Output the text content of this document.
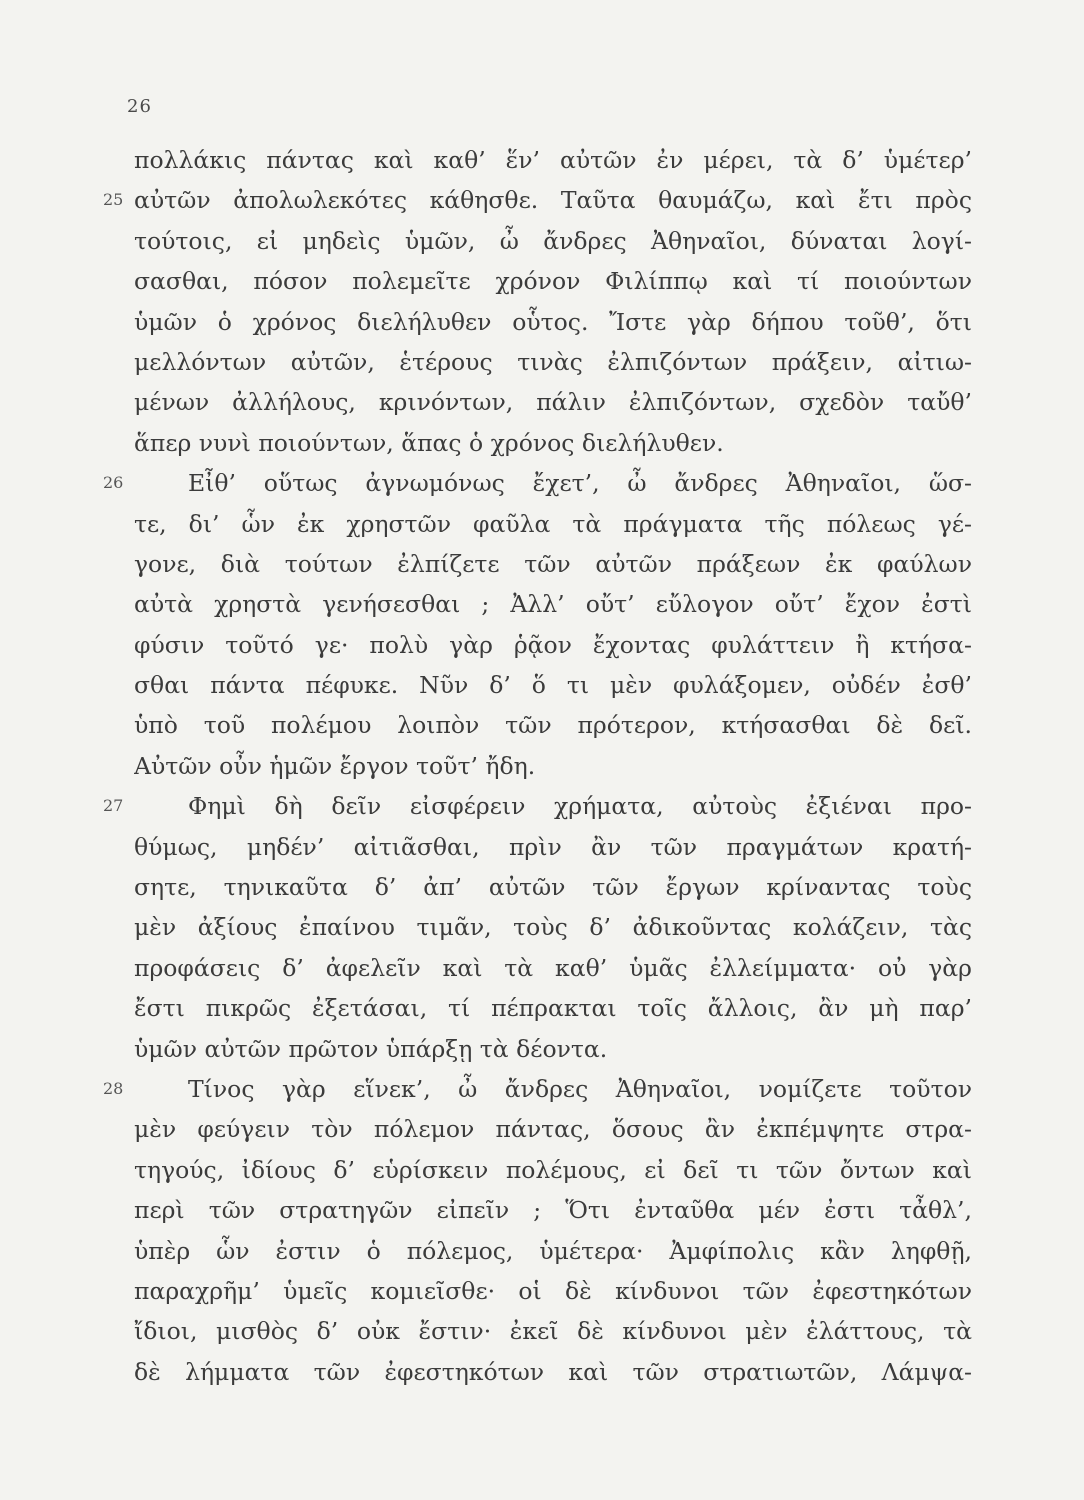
26
πολλάκις πάντας καὶ καθ’ ἕν’ αὐτῶν ἐν μέρει, τὰ δ’ ὑμέτερ’
25 αὐτῶν ἀπολωλεκότες κάθησθε. Ταῦτα θαυμάζω, καὶ ἔτι πρὸς
τούτοις, εἰ μηδεὶς ὑμῶν, ὦ ἄνδρες Ἀθηναῖοι, δύναται λογί-
σασθαι, πόσον πολεμεῖτε χρόνον Φιλίππῳ καὶ τί ποιούντων
ὑμῶν ὁ χρόνος διελήλυθεν οὗτος. Ἴστε γὰρ δήπου τοῦθ’, ὅτι
μελλόντων αὐτῶν, ἑτέρους τινὰς ἐλπιζόντων πράξειν, αἰτιω-
μένων ἀλλήλους, κρινόντων, πάλιν ἐλπιζόντων, σχεδὸν ταὔθ’
ἅπερ νυνὶ ποιούντων, ἅπας ὁ χρόνος διελήλυθεν.
26	Εἶθ’ οὕτως ἀγνωμόνως ἔχετ’, ὦ ἄνδρες Ἀθηναῖοι, ὥσ-
τε, δι’ ὧν ἐκ χρηστῶν φαῦλα τὰ πράγματα τῆς πόλεως γέ-
γονε, διὰ τούτων ἐλπίζετε τῶν αὐτῶν πράξεων ἐκ φαύλων
αὐτὰ χρηστὰ γενήσεσθαι ; Ἀλλ’ οὔτ’ εὔλογον οὔτ’ ἔχον ἐστὶ
φύσιν τοῦτό γε· πολὺ γὰρ ῥᾷον ἔχοντας φυλάττειν ἢ κτήσα-
σθαι πάντα πέφυκε. Νῦν δ’ ὅ τι μὲν φυλάξομεν, οὐδέν ἐσθ’
ὑπὸ τοῦ πολέμου λοιπὸν τῶν πρότερον, κτήσασθαι δὲ δεῖ.
Αὐτῶν οὖν ἡμῶν ἔργον τοῦτ’ ἤδη.
27	Φημὶ δὴ δεῖν εἰσφέρειν χρήματα, αὐτοὺς ἐξιέναι προ-
θύμως, μηδέν’ αἰτιᾶσθαι, πρὶν ἂν τῶν πραγμάτων κρατή-
σητε, τηνικαῦτα δ’ ἀπ’ αὐτῶν τῶν ἔργων κρίναντας τοὺς
μὲν ἀξίους ἐπαίνου τιμᾶν, τοὺς δ’ ἀδικοῦντας κολάζειν, τὰς
προφάσεις δ’ ἀφελεῖν καὶ τὰ καθ’ ὑμᾶς ἐλλείμματα· οὐ γὰρ
ἔστι πικρῶς ἐξετάσαι, τί πέπρακται τοῖς ἄλλοις, ἂν μὴ παρ’
ὑμῶν αὐτῶν πρῶτον ὑπάρξῃ τὰ δέοντα.
28	Τίνος γὰρ εἵνεκ’, ὦ ἄνδρες Ἀθηναῖοι, νομίζετε τοῦτον
μὲν φεύγειν τὸν πόλεμον πάντας, ὅσους ἂν ἐκπέμψητε στρα-
τηγούς, ἰδίους δ’ εὑρίσκειν πολέμους, εἰ δεῖ τι τῶν ὄντων καὶ
περὶ τῶν στρατηγῶν εἰπεῖν ; Ὅτι ἐνταῦθα μέν ἐστι τἆθλ’,
ὑπὲρ ὧν ἐστιν ὁ πόλεμος, ὑμέτερα· Ἀμφίπολις κἂν ληφθῇ,
παραχρῆμ’ ὑμεῖς κομιεῖσθε· οἱ δὲ κίνδυνοι τῶν ἐφεστηκότων
ἴδιοι, μισθὸς δ’ οὐκ ἔστιν· ἐκεῖ δὲ κίνδυνοι μὲν ἐλάττους, τὰ
δὲ λήμματα τῶν ἐφεστηκότων καὶ τῶν στρατιωτῶν, Λάμψα-
